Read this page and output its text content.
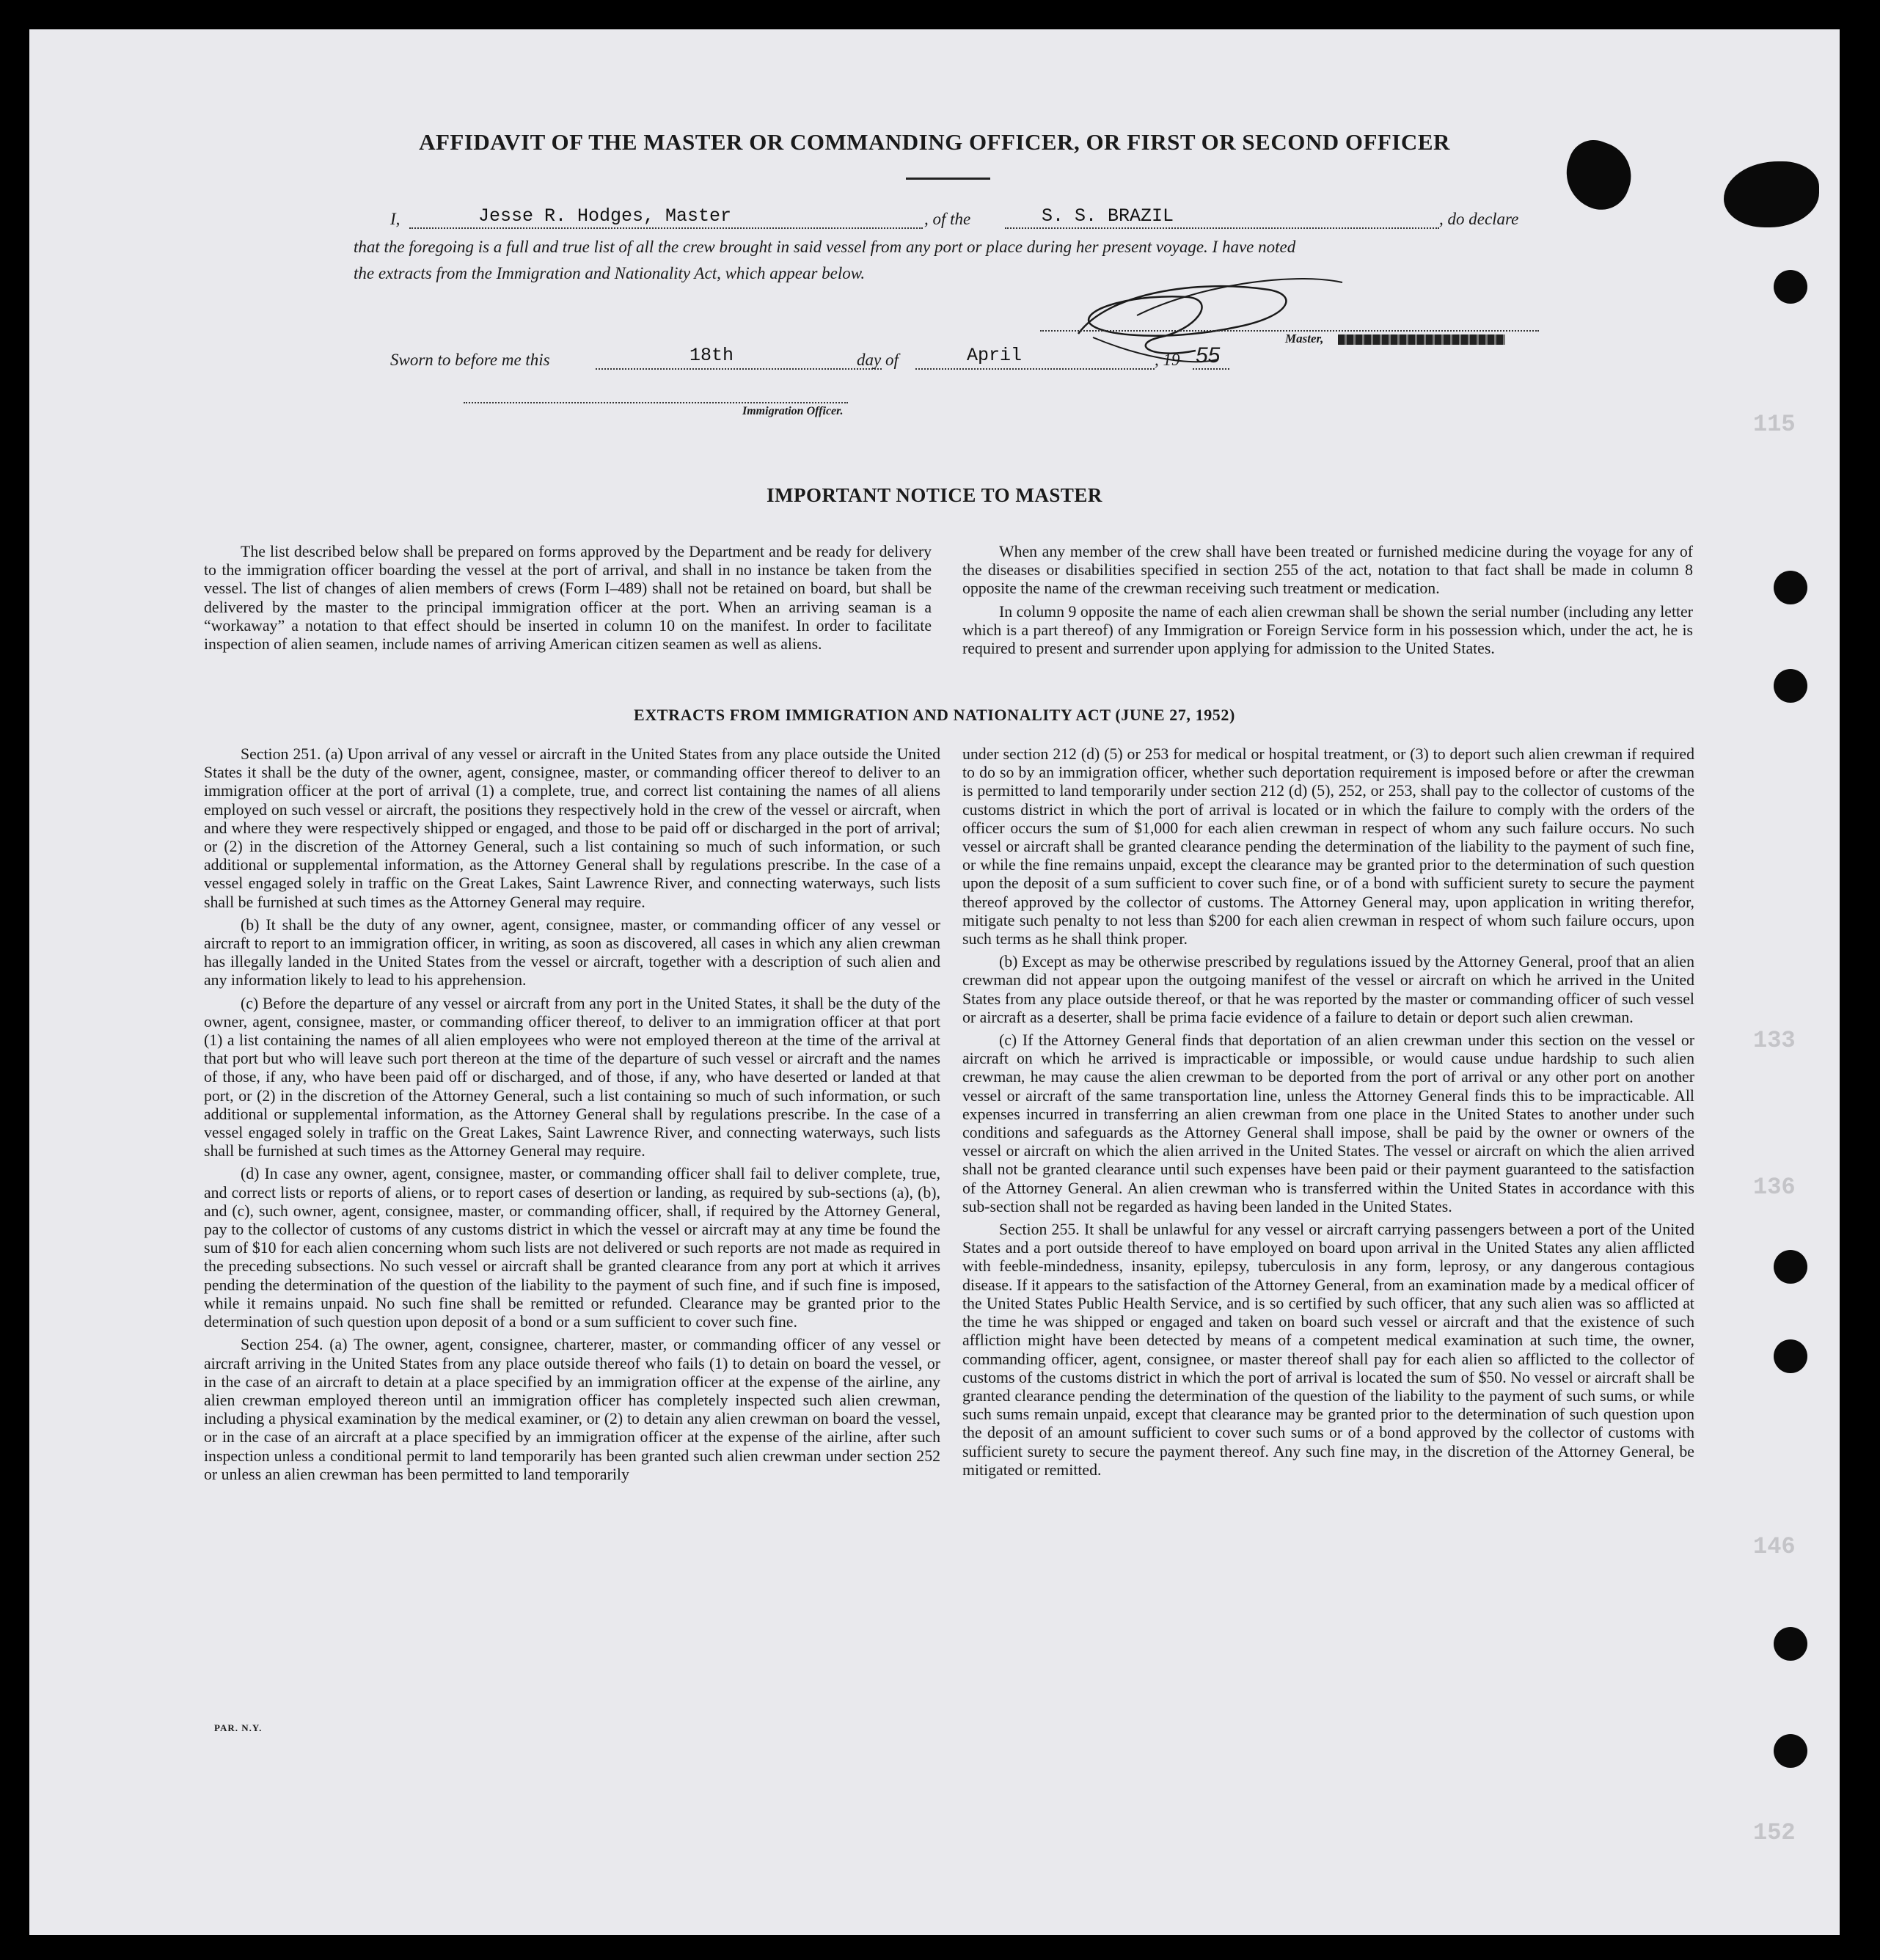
AFFIDAVIT OF THE MASTER OR COMMANDING OFFICER, OR FIRST OR SECOND OFFICER
I,	Jesse R. Hodges, Master	, of the	S. S. BRAZIL	, do declare
that the foregoing is a full and true list of all the crew brought in said vessel from any port or place during her present voyage. I have noted
the extracts from the Immigration and Nationality Act, which appear below.
Master,
Sworn to before me this	18th	day of	April	, 19 55
Immigration Officer.
IMPORTANT NOTICE TO MASTER

The list described below shall be prepared on forms approved by the Department and be ready for delivery to the immigration officer boarding the vessel at the port of arrival, and shall in no instance be taken from the vessel. The list of changes of alien members of crews (Form I–489) shall not be retained on board, but shall be delivered by the master to the principal immigration officer at the port. When an arriving seaman is a “workaway” a notation to that effect should be inserted in column 10 on the manifest. In order to facilitate inspection of alien seamen, include names of arriving American citizen seamen as well as aliens.

When any member of the crew shall have been treated or furnished medicine during the voyage for any of the diseases or disabilities specified in section 255 of the act, notation to that fact shall be made in column 8 opposite the name of the crewman receiving such treatment or medication.

In column 9 opposite the name of each alien crewman shall be shown the serial number (including any letter which is a part thereof) of any Immigration or Foreign Service form in his possession which, under the act, he is required to present and surrender upon applying for admission to the United States.

EXTRACTS FROM IMMIGRATION AND NATIONALITY ACT (JUNE 27, 1952)

Section 251. (a) Upon arrival of any vessel or aircraft in the United States from any place outside the United States it shall be the duty of the owner, agent, consignee, master, or commanding officer thereof to deliver to an immigration officer at the port of arrival (1) a complete, true, and correct list containing the names of all aliens employed on such vessel or aircraft, the positions they respectively hold in the crew of the vessel or aircraft, when and where they were respectively shipped or engaged, and those to be paid off or discharged in the port of arrival; or (2) in the discretion of the Attorney General, such a list containing so much of such information, or such additional or supplemental information, as the Attorney General shall by regulations prescribe. In the case of a vessel engaged solely in traffic on the Great Lakes, Saint Lawrence River, and connecting waterways, such lists shall be furnished at such times as the Attorney General may require.

(b) It shall be the duty of any owner, agent, consignee, master, or commanding officer of any vessel or aircraft to report to an immigration officer, in writing, as soon as discovered, all cases in which any alien crewman has illegally landed in the United States from the vessel or aircraft, together with a description of such alien and any information likely to lead to his apprehension.

(c) Before the departure of any vessel or aircraft from any port in the United States, it shall be the duty of the owner, agent, consignee, master, or commanding officer thereof, to deliver to an immigration officer at that port (1) a list containing the names of all alien employees who were not employed thereon at the time of the arrival at that port but who will leave such port thereon at the time of the departure of such vessel or aircraft and the names of those, if any, who have been paid off or discharged, and of those, if any, who have deserted or landed at that port, or (2) in the discretion of the Attorney General, such a list containing so much of such information, or such additional or supplemental information, as the Attorney General shall by regulations prescribe. In the case of a vessel engaged solely in traffic on the Great Lakes, Saint Lawrence River, and connecting waterways, such lists shall be furnished at such times as the Attorney General may require.

(d) In case any owner, agent, consignee, master, or commanding officer shall fail to deliver complete, true, and correct lists or reports of aliens, or to report cases of desertion or landing, as required by sub-sections (a), (b), and (c), such owner, agent, consignee, master, or commanding officer, shall, if required by the Attorney General, pay to the collector of customs of any customs district in which the vessel or aircraft may at any time be found the sum of $10 for each alien concerning whom such lists are not delivered or such reports are not made as required in the preceding subsections. No such vessel or aircraft shall be granted clearance from any port at which it arrives pending the determination of the question of the liability to the payment of such fine, and if such fine is imposed, while it remains unpaid. No such fine shall be remitted or refunded. Clearance may be granted prior to the determination of such question upon deposit of a bond or a sum sufficient to cover such fine.

Section 254. (a) The owner, agent, consignee, charterer, master, or commanding officer of any vessel or aircraft arriving in the United States from any place outside thereof who fails (1) to detain on board the vessel, or in the case of an aircraft to detain at a place specified by an immigration officer at the expense of the airline, any alien crewman employed thereon until an immigration officer has completely inspected such alien crewman, including a physical examination by the medical examiner, or (2) to detain any alien crewman on board the vessel, or in the case of an aircraft at a place specified by an immigration officer at the expense of the airline, after such inspection unless a conditional permit to land temporarily has been granted such alien crewman under section 252 or unless an alien crewman has been permitted to land temporarily

under section 212 (d) (5) or 253 for medical or hospital treatment, or (3) to deport such alien crewman if required to do so by an immigration officer, whether such deportation requirement is imposed before or after the crewman is permitted to land temporarily under section 212 (d) (5), 252, or 253, shall pay to the collector of customs of the customs district in which the port of arrival is located or in which the failure to comply with the orders of the officer occurs the sum of $1,000 for each alien crewman in respect of whom any such failure occurs. No such vessel or aircraft shall be granted clearance pending the determination of the liability to the payment of such fine, or while the fine remains unpaid, except the clearance may be granted prior to the determination of such question upon the deposit of a sum sufficient to cover such fine, or of a bond with sufficient surety to secure the payment thereof approved by the collector of customs. The Attorney General may, upon application in writing therefor, mitigate such penalty to not less than $200 for each alien crewman in respect of whom such failure occurs, upon such terms as he shall think proper.

(b) Except as may be otherwise prescribed by regulations issued by the Attorney General, proof that an alien crewman did not appear upon the outgoing manifest of the vessel or aircraft on which he arrived in the United States from any place outside thereof, or that he was reported by the master or commanding officer of such vessel or aircraft as a deserter, shall be prima facie evidence of a failure to detain or deport such alien crewman.

(c) If the Attorney General finds that deportation of an alien crewman under this section on the vessel or aircraft on which he arrived is impracticable or impossible, or would cause undue hardship to such alien crewman, he may cause the alien crewman to be deported from the port of arrival or any other port on another vessel or aircraft of the same transportation line, unless the Attorney General finds this to be impracticable. All expenses incurred in transferring an alien crewman from one place in the United States to another under such conditions and safeguards as the Attorney General shall impose, shall be paid by the owner or owners of the vessel or aircraft on which the alien arrived in the United States. The vessel or aircraft on which the alien arrived shall not be granted clearance until such expenses have been paid or their payment guaranteed to the satisfaction of the Attorney General. An alien crewman who is transferred within the United States in accordance with this sub-section shall not be regarded as having been landed in the United States.

Section 255. It shall be unlawful for any vessel or aircraft carrying passengers between a port of the United States and a port outside thereof to have employed on board upon arrival in the United States any alien afflicted with feeble-mindedness, insanity, epilepsy, tuberculosis in any form, leprosy, or any dangerous contagious disease. If it appears to the satisfaction of the Attorney General, from an examination made by a medical officer of the United States Public Health Service, and is so certified by such officer, that any such alien was so afflicted at the time he was shipped or engaged and taken on board such vessel or aircraft and that the existence of such affliction might have been detected by means of a competent medical examination at such time, the owner, commanding officer, agent, consignee, or master thereof shall pay for each alien so afflicted to the collector of customs of the customs district in which the port of arrival is located the sum of $50. No vessel or aircraft shall be granted clearance pending the determination of the question of the liability to the payment of such sums, or while such sums remain unpaid, except that clearance may be granted prior to the determination of such question upon the deposit of an amount sufficient to cover such sums or of a bond approved by the collector of customs with sufficient surety to secure the payment thereof. Any such fine may, in the discretion of the Attorney General, be mitigated or remitted.

PAR. N.Y.
115
133
136
146
152
